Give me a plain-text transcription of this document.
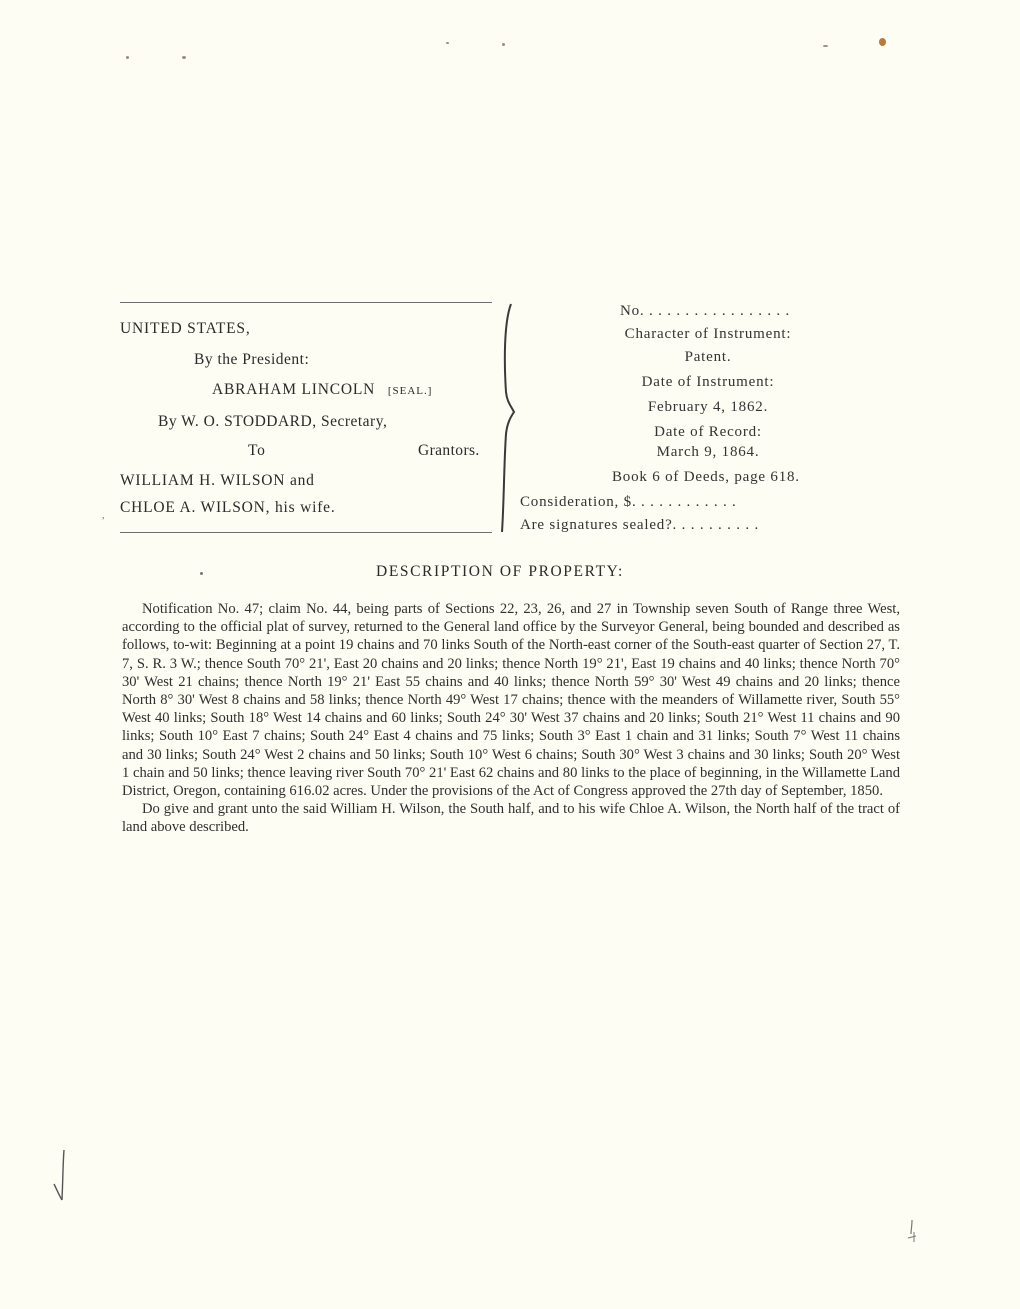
UNITED STATES,
By the President:
ABRAHAM LINCOLN [SEAL.]
By W. O. STODDARD, Secretary,
To	Grantors.
WILLIAM H. WILSON and
CHLOE A. WILSON, his wife.
No. . . . . . . . . . . . . . . . .
Character of Instrument:
Patent.
Date of Instrument:
February 4, 1862.
Date of Record:
March 9, 1864.
Book 6 of Deeds, page 618.
Consideration, $. . . . . . . . . . . .
Are signatures sealed?. . . . . . . . . .
,
DESCRIPTION OF PROPERTY:

Notification No. 47; claim No. 44, being parts of Sections 22, 23, 26, and 27 in Township seven South of Range three West, according to the official plat of survey, returned to the General land office by the Surveyor General, being bounded and described as follows, to-wit: Beginning at a point 19 chains and 70 links South of the North-east corner of the South-east quarter of Section 27, T. 7, S. R. 3 W.; thence South 70° 21', East 20 chains and 20 links; thence North 19° 21', East 19 chains and 40 links; thence North 70° 30' West 21 chains; thence North 19° 21' East 55 chains and 40 links; thence North 59° 30' West 49 chains and 20 links; thence North 8° 30' West 8 chains and 58 links; thence North 49° West 17 chains; thence with the meanders of Willamette river, South 55° West 40 links; South 18° West 14 chains and 60 links; South 24° 30' West 37 chains and 20 links; South 21° West 11 chains and 90 links; South 10° East 7 chains; South 24° East 4 chains and 75 links; South 3° East 1 chain and 31 links; South 7° West 11 chains and 30 links; South 24° West 2 chains and 50 links; South 10° West 6 chains; South 30° West 3 chains and 30 links; South 20° West 1 chain and 50 links; thence leaving river South 70° 21' East 62 chains and 80 links to the place of beginning, in the Willamette Land District, Oregon, containing 616.02 acres. Under the provisions of the Act of Congress approved the 27th day of September, 1850.

Do give and grant unto the said William H. Wilson, the South half, and to his wife Chloe A. Wilson, the North half of the tract of land above described.
